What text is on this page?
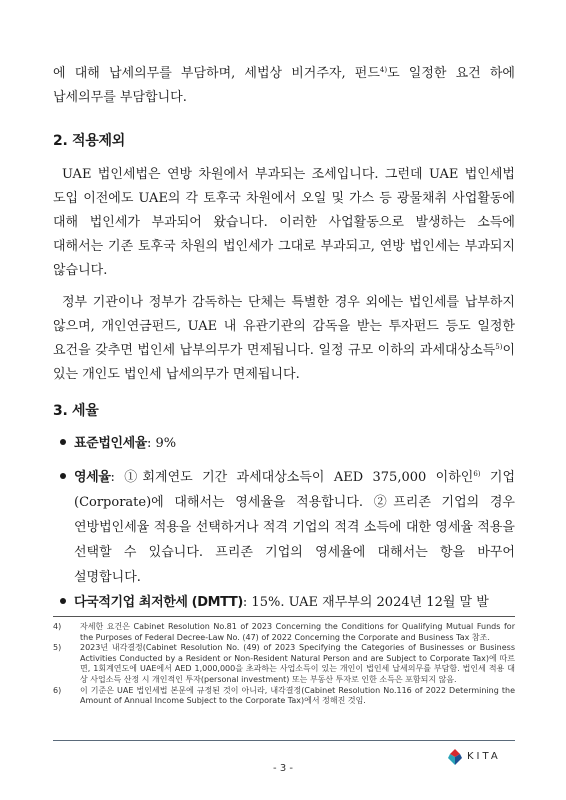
에 대해 납세의무를 부담하며, 세법상 비거주자, 펀드$^{4)}$도 일정한 요건 하에 납세의무를 부담합니다.

2. 적용제외

UAE 법인세법은 연방 차원에서 부과되는 조세입니다. 그런데 UAE 법인세법 도입 이전에도 UAE의 각 토후국 차원에서 오일 및 가스 등 광물채취 사업활동에 대해 법인세가 부과되어 왔습니다. 이러한 사업활동으로 발생하는 소득에 대해서는 기존 토후국 차원의 법인세가 그대로 부과되고, 연방 법인세는 부과되지 않습니다.

정부 기관이나 정부가 감독하는 단체는 특별한 경우 외에는 법인세를 납부하지 않으며, 개인연금펀드, UAE 내 유관기관의 감독을 받는 투자펀드 등도 일정한 요건을 갖추면 법인세 납부의무가 면제됩니다. 일정 규모 이하의 과세대상소득$^{5)}$이 있는 개인도 법인세 납세의무가 면제됩니다.

3. 세율
표준법인세율: 9%
영세율: ①회계연도 기간 과세대상소득이 AED 375,000 이하인$^{6)}$ 기업(Corporate)에 대해서는 영세율을 적용합니다. ②프리존 기업의 경우 연방법인세율 적용을 선택하거나 적격 기업의 적격 소득에 대한 영세율 적용을 선택할 수 있습니다. 프리존 기업의 영세율에 대해서는 항을 바꾸어 설명합니다.
다국적기업 최저한세 (DMTT): 15%. UAE 재무부의 2024년 12월 말 발

4) 자세한 요건은 Cabinet Resolution No.81 of 2023 Concerning the Conditions for Qualifying Mutual Funds for the Purposes of Federal Decree-Law No. (47) of 2022 Concerning the Corporate and Business Tax 참조.

5) 2023년 내각결정(Cabinet Resolution No. (49) of 2023 Specifying the Categories of Businesses or Business Activities Conducted by a Resident or Non-Resident Natural Person and are Subject to Corporate Tax)에 따르면, 1회계연도에 UAE에서 AED 1,000,000을 초과하는 사업소득이 있는 개인이 법인세 납세의무를 부담함. 법인세 적용 대상 사업소득 산정 시 개인적인 투자(personal investment) 또는 부동산 투자로 인한 소득은 포함되지 않음.

6) 이 기준은 UAE 법인세법 본문에 규정된 것이 아니라, 내각결정(Cabinet Resolution No.116 of 2022 Determining the Amount of Annual Income Subject to the Corporate Tax)에서 정해진 것임.

KITA
- 3 -
